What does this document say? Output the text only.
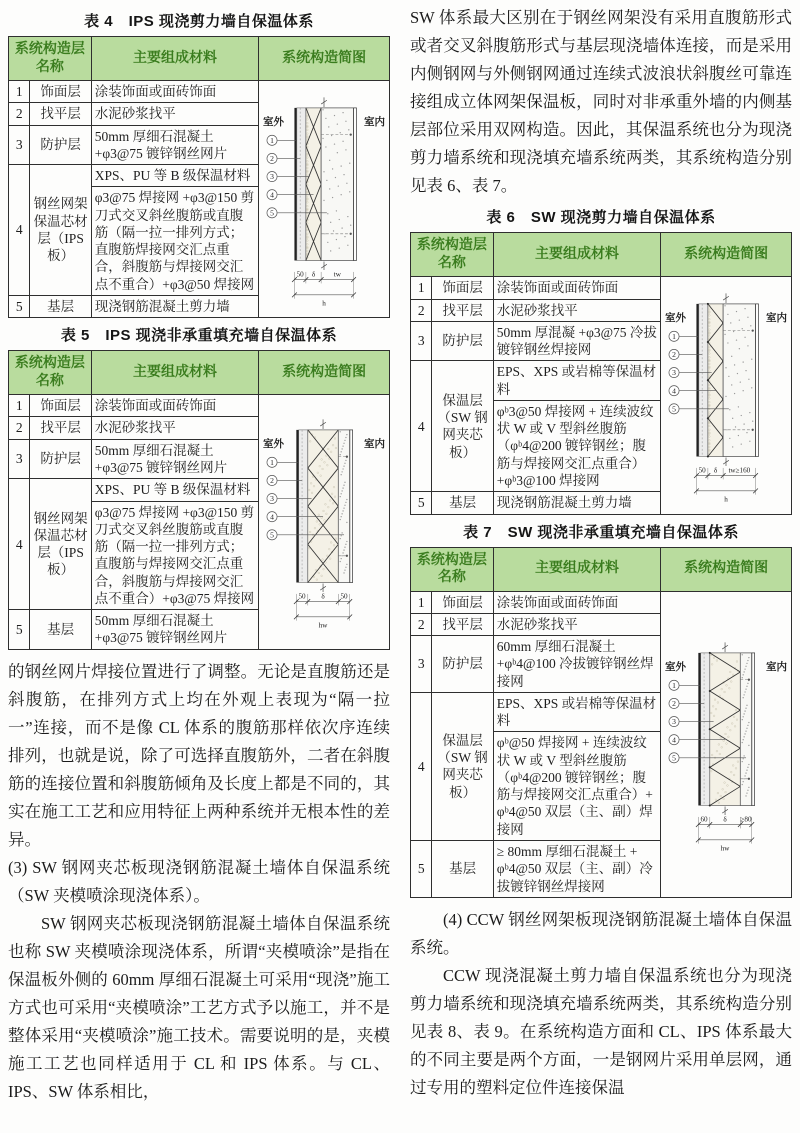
表 4　IPS 现浇剪力墙自保温体系
系统构造层名称		主要组成材料	系统构造简图
1	饰面层	涂装饰面或面砖饰面	
室外	室内
1
2
3
4
5
50 δ tw
h

2	找平层	水泥砂浆找平	
3	防护层	50mm 厚细石混凝土 +φ3@75 镀锌钢丝网片	
4	钢丝网架保温芯材层（IPS板）	XPS、PU 等 B 级保温材料	
		φ3@75 焊接网 +φ3@150 剪刀式交叉斜丝腹筋或直腹筋（隔一拉一排列方式；直腹筋焊接网交汇点重合，斜腹筋与焊接网交汇点不重合）+φ3@50 焊接网	
5	基层	现浇钢筋混凝土剪力墙	
表 5　IPS 现浇非承重填充墙自保温体系
系统构造层名称		主要组成材料	系统构造简图
1	饰面层	涂装饰面或面砖饰面	
室外	室内
1
2
3
4
5
50 δ 50
hw

2	找平层	水泥砂浆找平	
3	防护层	50mm 厚细石混凝土 +φ3@75 镀锌钢丝网片	
4	钢丝网架保温芯材层（IPS板）	XPS、PU 等 B 级保温材料	
		φ3@75 焊接网 +φ3@150 剪刀式交叉斜丝腹筋或直腹筋（隔一拉一排列方式；直腹筋与焊接网交汇点重合，斜腹筋与焊接网交汇点不重合）+φ3@75 焊接网	
5	基层	50mm 厚细石混凝土 +φ3@75 镀锌钢丝网片	

的钢丝网片焊接位置进行了调整。无论是直腹筋还是斜腹筋，在排列方式上均在外观上表现为“隔一拉一”连接，而不是像 CL 体系的腹筋那样依次序连续排列，也就是说，除了可选择直腹筋外，二者在斜腹筋的连接位置和斜腹筋倾角及长度上都是不同的，其实在施工工艺和应用特征上两种系统并无根本性的差异。

(3) SW 钢网夹芯板现浇钢筋混凝土墙体自保温系统（SW 夹模喷涂现浇体系）。

SW 钢网夹芯板现浇钢筋混凝土墙体自保温系统也称 SW 夹模喷涂现浇体系，所谓“夹模喷涂”是指在保温板外侧的 60mm 厚细石混凝土可采用“现浇”施工方式也可采用“夹模喷涂”工艺方式予以施工，并不是整体采用“夹模喷涂”施工技术。需要说明的是，夹模施工工艺也同样适用于 CL 和 IPS 体系。与 CL、IPS、SW 体系相比，

SW 体系最大区别在于钢丝网架没有采用直腹筋形式或者交叉斜腹筋形式与基层现浇墙体连接，而是采用内侧钢网与外侧钢网通过连续式波浪状斜腹丝可靠连接组成立体网架保温板，同时对非承重外墙的内侧基层部位采用双网构造。因此，其保温系统也分为现浇剪力墙系统和现浇填充墙系统两类，其系统构造分别见表 6、表 7。

表 6　SW 现浇剪力墙自保温体系
系统构造层名称		主要组成材料	系统构造简图
1	饰面层	涂装饰面或面砖饰面	
室外	室内
1
2
3
4
5
50 δ tw≥160
h

2	找平层	水泥砂浆找平	
3	防护层	50mm 厚混凝 +φ3@75 冷拔镀锌钢丝焊接网	
4	保温层（SW 钢网夹芯板）	EPS、XPS 或岩棉等保温材料	
		φᵇ3@50 焊接网 + 连续波纹状 W 或 V 型斜丝腹筋（φᵇ4@200 镀锌钢丝；腹筋与焊接网交汇点重合）+φᵇ3@100 焊接网	
5	基层	现浇钢筋混凝土剪力墙	
表 7　SW 现浇非承重填充墙自保温体系
系统构造层名称		主要组成材料	系统构造简图
1	饰面层	涂装饰面或面砖饰面	
室外	室内
1
2
3
4
5
60 δ ≥80
hw

2	找平层	水泥砂浆找平	
3	防护层	60mm 厚细石混凝土 +φᵇ4@100 冷拔镀锌钢丝焊接网	
4	保温层（SW 钢网夹芯板）	EPS、XPS 或岩棉等保温材料	
		φᵇ@50 焊接网 + 连续波纹状 W 或 V 型斜丝腹筋（φᵇ4@200 镀锌钢丝；腹筋与焊接网交汇点重合）+ φᵇ4@50 双层（主、副）焊接网	
5	基层	≥ 80mm 厚细石混凝土 + φᵇ4@50 双层（主、副）冷拔镀锌钢丝焊接网	

(4) CCW 钢丝网架板现浇钢筋混凝土墙体自保温系统。

CCW 现浇混凝土剪力墙自保温系统也分为现浇剪力墙系统和现浇填充墙系统两类，其系统构造分别见表 8、表 9。在系统构造方面和 CL、IPS 体系最大的不同主要是两个方面，一是钢网片采用单层网，通过专用的塑料定位件连接保温
